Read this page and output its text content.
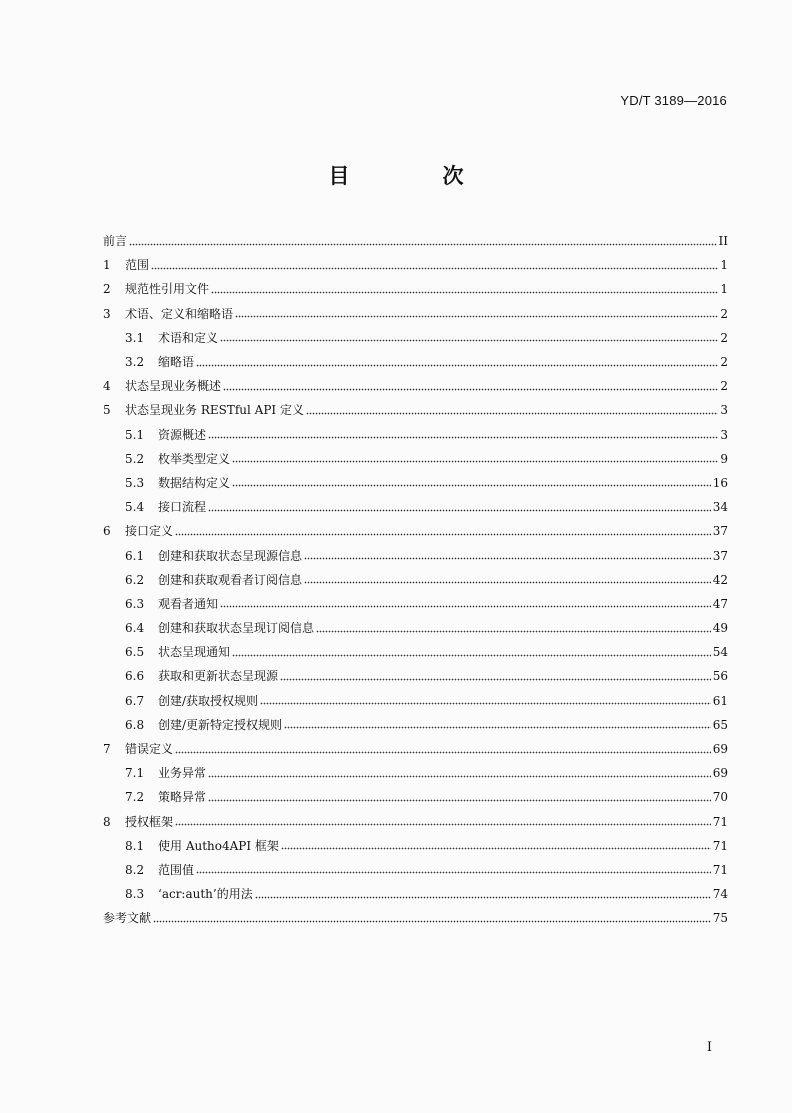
YD/T 3189—2016
目　次
前言	II
1	范围	1
2	规范性引用文件	1
3	术语、定义和缩略语	2
3.1	术语和定义	2
3.2	缩略语	2
4	状态呈现业务概述	2
5	状态呈现业务 RESTful API 定义	3
5.1	资源概述	3
5.2	枚举类型定义	9
5.3	数据结构定义	16
5.4	接口流程	34
6	接口定义	37
6.1	创建和获取状态呈现源信息	37
6.2	创建和获取观看者订阅信息	42
6.3	观看者通知	47
6.4	创建和获取状态呈现订阅信息	49
6.5	状态呈现通知	54
6.6	获取和更新状态呈现源	56
6.7	创建/获取授权规则	61
6.8	创建/更新特定授权规则	65
7	错误定义	69
7.1	业务异常	69
7.2	策略异常	70
8	授权框架	71
8.1	使用 Autho4API 框架	71
8.2	范围值	71
8.3	‘acr:auth’的用法	74
参考文献	75
I
